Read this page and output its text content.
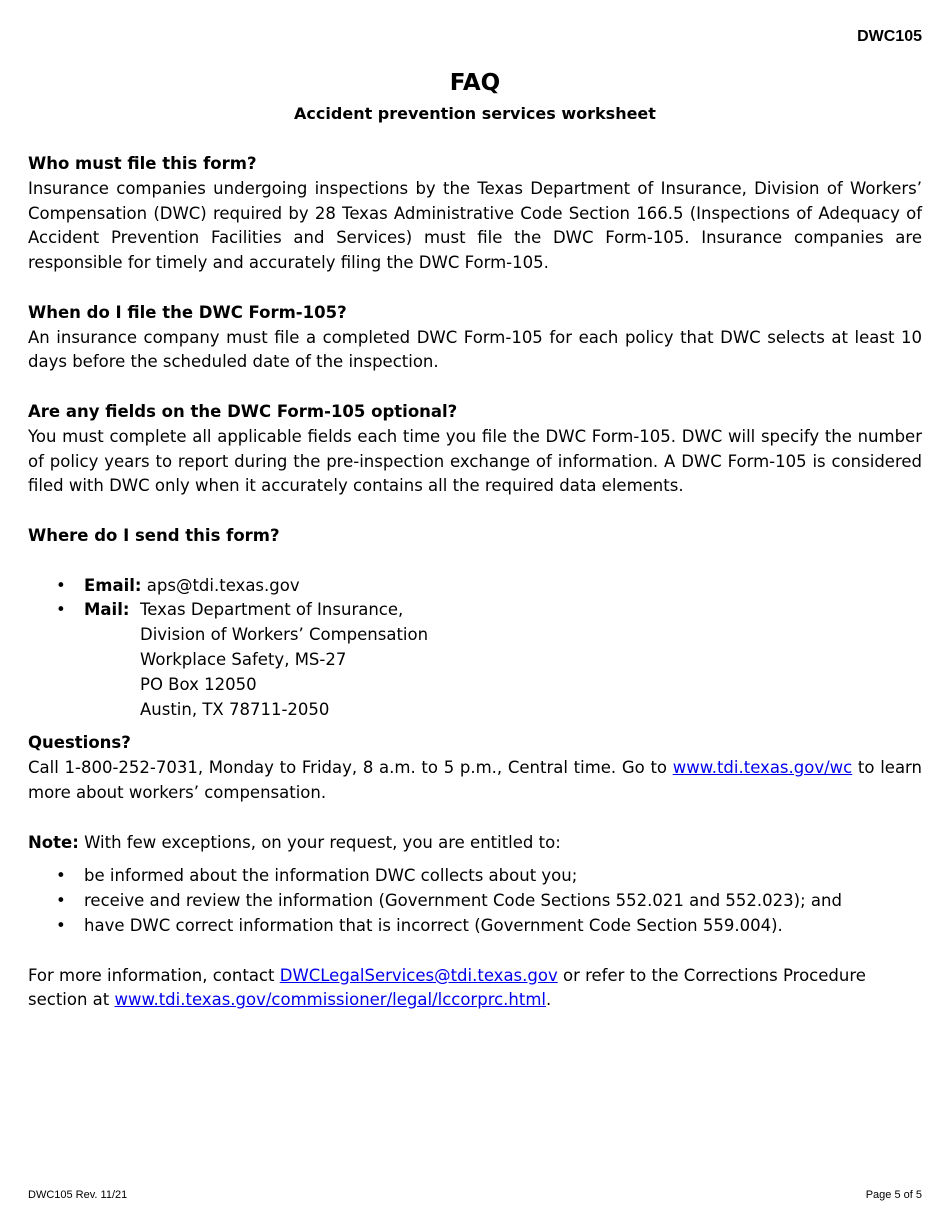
DWC105
FAQ
Accident prevention services worksheet
Who must file this form?

Insurance companies undergoing inspections by the Texas Department of Insurance, Division of Workers’ Compensation (DWC) required by 28 Texas Administrative Code Section 166.5 (Inspections of Adequacy of Accident Prevention Facilities and Services) must file the DWC Form-105. Insurance companies are responsible for timely and accurately filing the DWC Form-105.

When do I file the DWC Form-105?

An insurance company must file a completed DWC Form-105 for each policy that DWC selects at least 10 days before the scheduled date of the inspection.

Are any fields on the DWC Form-105 optional?

You must complete all applicable fields each time you file the DWC Form-105. DWC will specify the number of policy years to report during the pre-inspection exchange of information. A DWC Form-105 is considered filed with DWC only when it accurately contains all the required data elements.

Where do I send this form?
• Email: aps@tdi.texas.gov
• Mail: Texas Department of Insurance,
Division of Workers’ Compensation
Workplace Safety, MS-27
PO Box 12050
Austin, TX 78711-2050
Questions?

Call 1-800-252-7031, Monday to Friday, 8 a.m. to 5 p.m., Central time. Go to www.tdi.texas.gov/wc to learn more about workers’ compensation.

Note: With few exceptions, on your request, you are entitled to:

• be informed about the information DWC collects about you;
• receive and review the information (Government Code Sections 552.021 and 552.023); and
• have DWC correct information that is incorrect (Government Code Section 559.004).

For more information, contact DWCLegalServices@tdi.texas.gov or refer to the Corrections Procedure section at www.tdi.texas.gov/commissioner/legal/lccorprc.html.

DWC105 Rev. 11/21	Page 5 of 5
